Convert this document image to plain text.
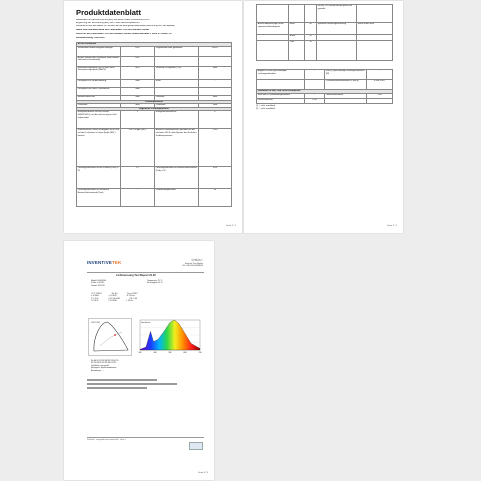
Produktdatenblatt
DELEGIERTE VERORDNUNG (EU) 2019/2015 DER KOMMISSION zur
Ergänzung der Verordnung (EU) 2017/1369 des Europäischen
Parlaments und des Rates im Hinblick auf die Energieverbrauchskennzeichnung von Lichtquellen
Name oder Handelsmarke des Lieferanten: LUCISO Handels GmbH
Anschrift des Lieferanten: LUCISO Handels GmbH, Industriestraße 1, 8160 R. Flesen, AT
Modellkennung: 61004140
Art der Lichtquelle			
Verwendete Beleuchtungstechnologie:	LED	Ungebündelt oder gebündelt:	NDLS
Art des Sockels der Lichtquelle (oder andere elektrische Schnittstelle)	E14		
Netzspannungsquelle (MLS) oder Nicht-Netzspannungsquelle (NMLS):	MLS	Vernetzte Lichtquelle (CLS):	Nein
Lichtquelle zur Farbeinstellung:	Nein	Hülle:	-
Lichtquelle mit hoher Leuchtdichte:	Nein		
Blendschutzschild:	Nein	Dimmbar:	Nein
Produktparameter			
Parameter	Wert	Parameter	Wert
Allgemeine Produktparameter			
Energieverbrauch im Ein-Zustand (kWh/1000 h), auf die nächste ganze Zahl aufgerundet	2	Energieeffizienzklasse	F
Nutzlichtstrom (Φuse) mit Angabe, ob er sich auf den Lichtstrom in einem Kegel (360°) bezieht	250 in Kugel (360°)	Ähnliche Farbtemperatur, gerundet auf die nächsten 100 K, oder Spanne der ähnlichen Farbtemperaturen	2700
Leistungsaufnahme im Ein-Zustand (Pon) in W	2,2	Leistungsaufnahme im Bereitschaftszustand (Psb) in W	0,00
Leistungsaufnahme im vernetzten Bereitschaftszustand (Pnet)	-	Farbwiedergabeindex	80
Seite 1 / 2
			Im (Ra) ≥ 90, auf die nächste ganze Zahl gerundet	
Äußere Abmessungen ohne separates Betriebsgerät	Höhe	98	Spektrale Strahlungsverteilung	Siehe letzte Seite
	Breite	35		
	Tiefe	35		
Angabe zu einer gleichwertigen Leistungsaufnahme	-	Falls ja, gleichwertige Leistungsaufnahme (W)	-
		Chromatizitätskoordinaten (x und y)	0.456 0.407
Parameter für LED- und OLED-Lichtquellen			
Wert des R9-Farbwiedergabeindex	-	Lebensdauerfaktor	1,00
Lichtstromerhalt	0,94		
(¹) ‚-' nicht zutreffend
(²) ‚-' nicht zutreffend
Seite 2 / 2
INVENTIVETEK	光谱测试报告
Spectral Test Report
Tel: +86-000-00000000
Lichtmessung Test Report 21.22
Modell: 61004140
Prüfer: LUCISO
Datum: 2021-10
Temperatur: 25 °C
Feuchtigkeit: 65 %
CCT: 2700 K	Ra: 80	Duv: 0.0012
x: 0.4560	y: 0.4070	Φ: 250 lm
P: 2.2 W	η: 113.6 lm/W	PF: 0.50
U: 230 V	I: 0.018 A	f: 50 Hz
CIE 1931
380	480	580	680	780
Spektrum
Ra 80 R1 81 R2 88 R3 93 R4 78
R5 79 R6 85 R7 82 R8 61 R9 -
Lichtfarbe: warmweiß
Messgerät: Spektroradiometer
Bemerkung: —
Prüfstelle · ausgestellt von InventiveTek · Seite 1
Seite 3 / 3
